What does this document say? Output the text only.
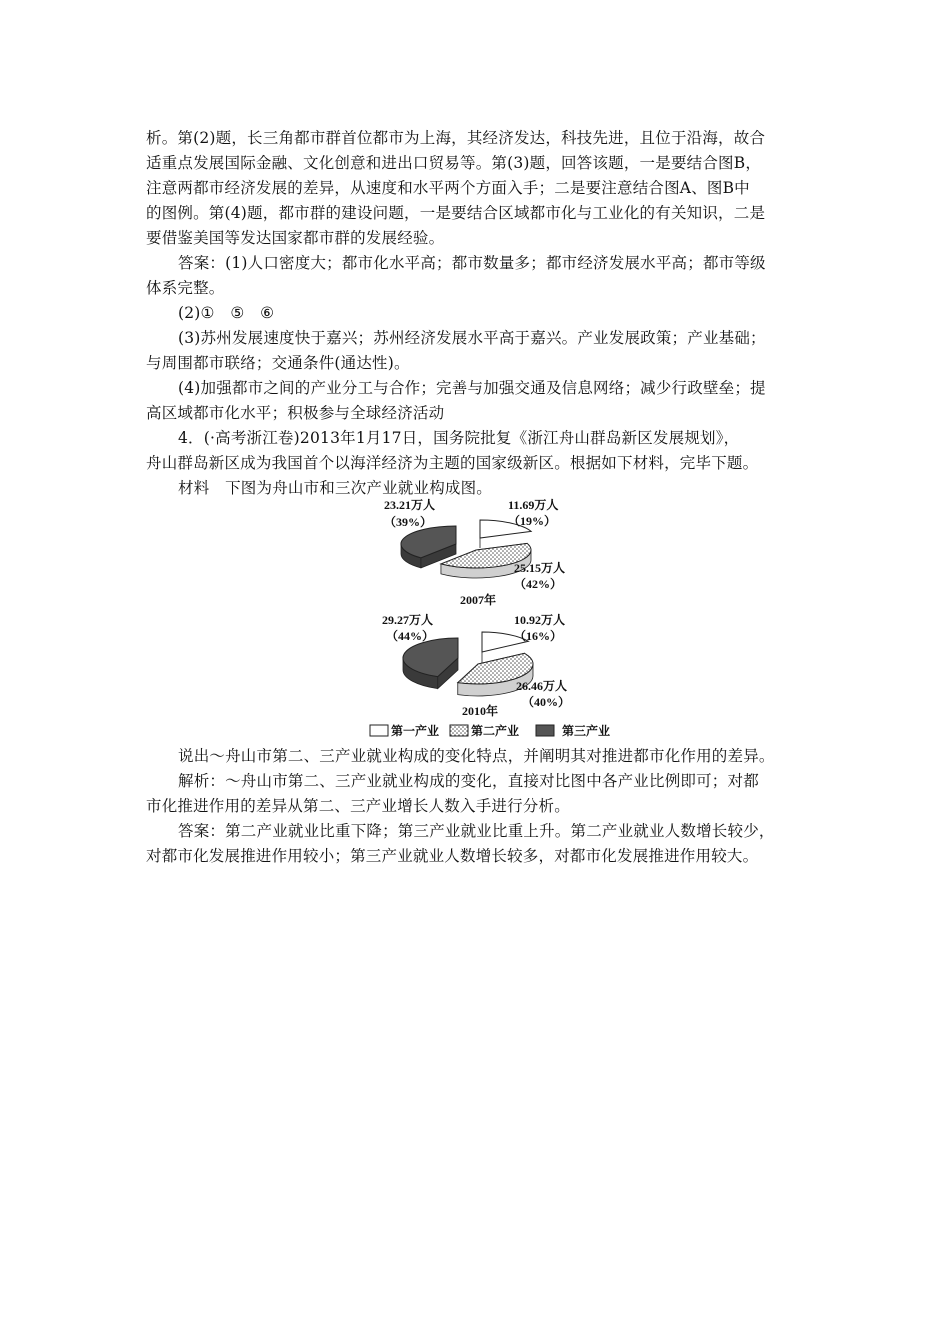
析。第(2)题，长三角都市群首位都市为上海，其经济发达，科技先进，且位于沿海，故合
适重点发展国际金融、文化创意和进出口贸易等。第(3)题，回答该题，一是要结合图B，
注意两都市经济发展的差异，从速度和水平两个方面入手；二是要注意结合图A、图B中
的图例。第(4)题，都市群的建设问题，一是要结合区域都市化与工业化的有关知识，二是
要借鉴美国等发达国家都市群的发展经验。
答案：(1)人口密度大；都市化水平高；都市数量多；都市经济发展水平高；都市等级
体系完整。
(2)①　⑤　⑥
(3)苏州发展速度快于嘉兴；苏州经济发展水平高于嘉兴。产业发展政策；产业基础；
与周围都市联络；交通条件(通达性)。
(4)加强都市之间的产业分工与合作；完善与加强交通及信息网络；减少行政壁垒；提
高区域都市化水平；积极参与全球经济活动
4．(·高考浙江卷)2013年1月17日，国务院批复《浙江舟山群岛新区发展规划》，
舟山群岛新区成为我国首个以海洋经济为主题的国家级新区。根据如下材料，完毕下题。
材料　下图为舟山市和三次产业就业构成图。
23.21万人
（39%）
11.69万人
（19%）
25.15万人
（42%）
2007年
29.27万人
（44%）
10.92万人
（16%）
26.46万人
（40%）
2010年
第一产业	第二产业	第三产业
说出～舟山市第二、三产业就业构成的变化特点，并阐明其对推进都市化作用的差异。
解析：～舟山市第二、三产业就业构成的变化，直接对比图中各产业比例即可；对都
市化推进作用的差异从第二、三产业增长人数入手进行分析。
答案：第二产业就业比重下降；第三产业就业比重上升。第二产业就业人数增长较少，
对都市化发展推进作用较小；第三产业就业人数增长较多，对都市化发展推进作用较大。
